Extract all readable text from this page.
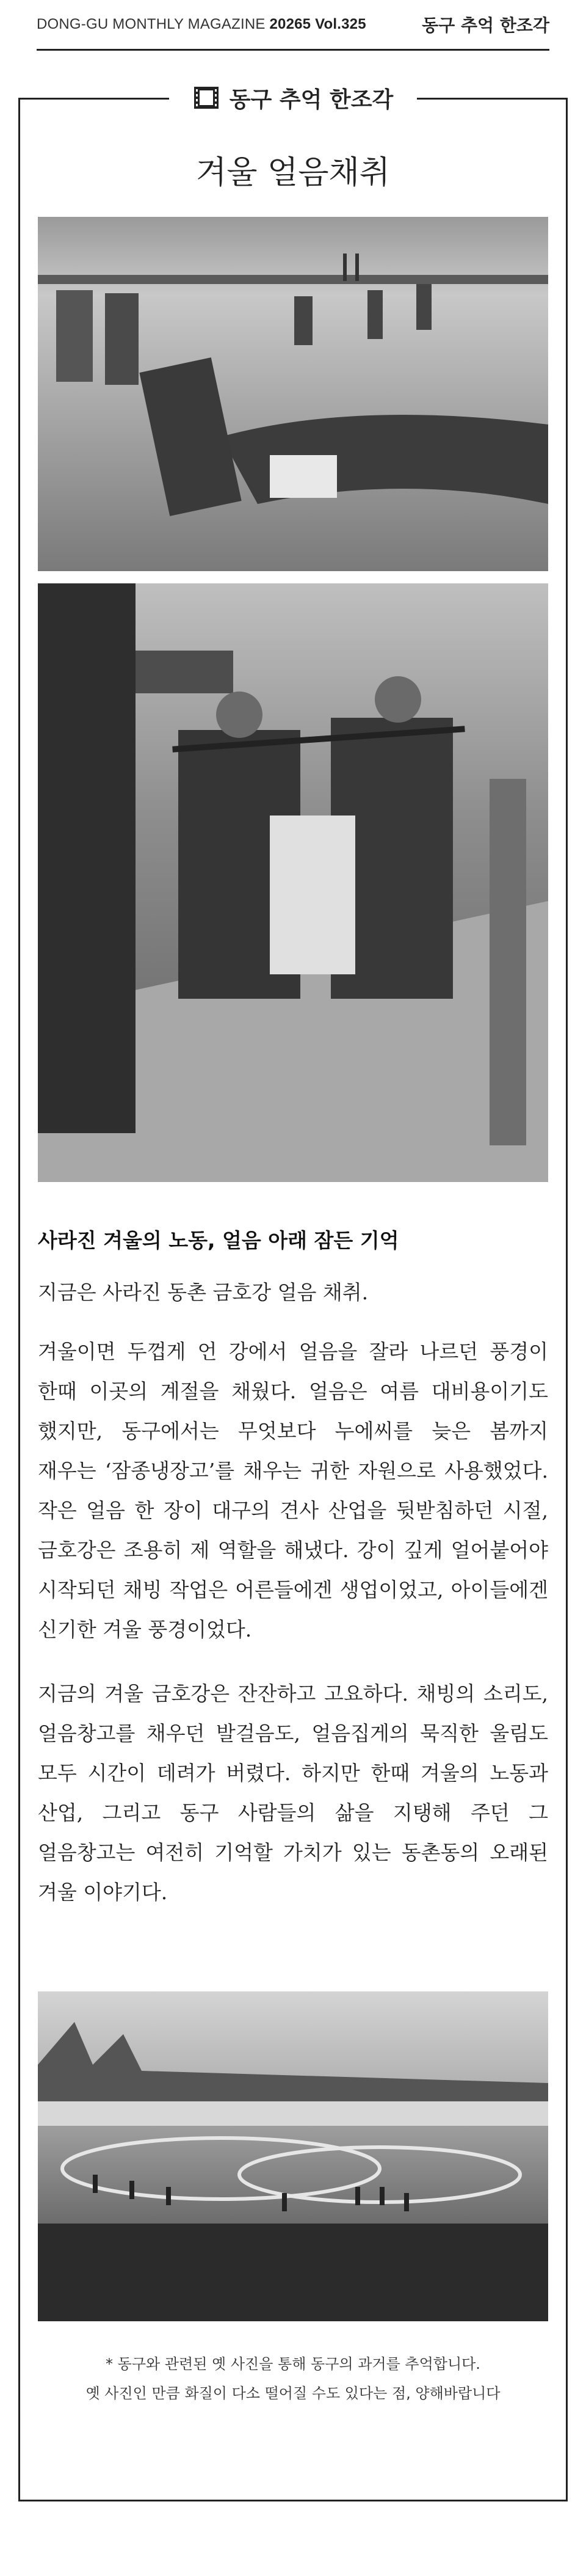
DONG-GU MONTHLY MAGAZINE 20265 Vol.325	동구 추억 한조각
동구 추억 한조각
겨울 얼음채취
사라진 겨울의 노동, 얼음 아래 잠든 기억
지금은 사라진 동촌 금호강 얼음 채취.
겨울이면 두껍게 언 강에서 얼음을 잘라 나르던 풍경이 한때 이곳의 계절을 채웠다. 얼음은 여름 대비용이기도 했지만, 동구에서는 무엇보다 누에씨를 늦은 봄까지 재우는 ‘잠종냉장고’를 채우는 귀한 자원으로 사용했었다. 작은 얼음 한 장이 대구의 견사 산업을 뒷받침하던 시절, 금호강은 조용히 제 역할을 해냈다. 강이 깊게 얼어붙어야 시작되던 채빙 작업은 어른들에겐 생업이었고, 아이들에겐 신기한 겨울 풍경이었다.
지금의 겨울 금호강은 잔잔하고 고요하다. 채빙의 소리도, 얼음창고를 채우던 발걸음도, 얼음집게의 묵직한 울림도 모두 시간이 데려가 버렸다. 하지만 한때 겨울의 노동과 산업, 그리고 동구 사람들의 삶을 지탱해 주던 그 얼음창고는 여전히 기억할 가치가 있는 동촌동의 오래된 겨울 이야기다.
* 동구와 관련된 옛 사진을 통해 동구의 과거를 추억합니다.
옛 사진인 만큼 화질이 다소 떨어질 수도 있다는 점, 양해바랍니다
